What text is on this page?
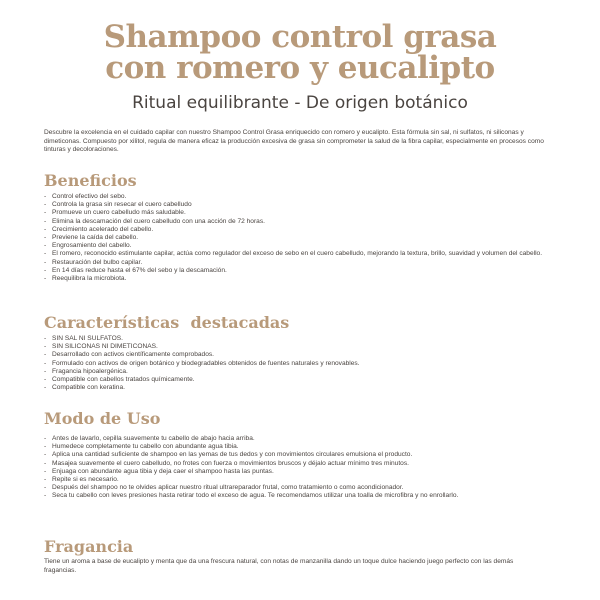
Shampoo control grasa
con romero y eucalipto
Ritual equilibrante - De origen botánico
Descubre la excelencia en el cuidado capilar con nuestro Shampoo Control Grasa enriquecido con romero y eucalipto. Esta fórmula sin sal, ni sulfatos, ni siliconas y dimeticonas. Compuesto por xilitol, regula de manera eficaz la producción excesiva de grasa sin comprometer la salud de la fibra capilar, especialmente en procesos como tinturas y decoloraciones.
Beneficios
- Control efectivo del sebo.
- Controla la grasa sin resecar el cuero cabelludo
- Promueve un cuero cabelludo más saludable.
- Elimina la descamación del cuero cabelludo con una acción de 72 horas.
- Crecimiento acelerado del cabello.
- Previene la caída del cabello.
- Engrosamiento del cabello.
- El romero, reconocido estimulante capilar, actúa como regulador del exceso de sebo en el cuero cabelludo, mejorando la textura, brillo, suavidad y volumen del cabello.
- Restauración del bulbo capilar.
- En 14 días reduce hasta el 67% del sebo y la descamación.
- Reequilibra la microbiota.
Características  destacadas
- SIN SAL NI SULFATOS.
- SIN SILICONAS NI DIMETICONAS.
- Desarrollado con activos científicamente comprobados.
- Formulado con activos de origen botánico y biodegradables obtenidos de fuentes naturales y renovables.
- Fragancia hipoalergénica.
- Compatible con cabellos tratados químicamente.
- Compatible con keratina.
Modo de Uso
- Antes de lavarlo, cepilla suavemente tu cabello de abajo hacia arriba.
- Humedece completamente tu cabello con abundante agua tibia.
- Aplica una cantidad suficiente de shampoo en las yemas de tus dedos y con movimientos circulares emulsiona el producto.
- Masajea suavemente el cuero cabelludo, no frotes con fuerza o movimientos bruscos y déjalo actuar mínimo tres minutos.
- Enjuaga con abundante agua tibia y deja caer el shampoo hasta las puntas.
- Repite si es necesario.
- Después del shampoo no te olvides aplicar nuestro ritual ultrareparador frutal, como tratamiento o como acondicionador.
- Seca tu cabello con leves presiones hasta retirar todo el exceso de agua. Te recomendamos utilizar una toalla de microfibra y no enrollarlo.
Fragancia
Tiene un aroma a base de eucalipto y menta que da una frescura natural, con notas de manzanilla dando un toque dulce haciendo juego perfecto con las demás fragancias.
